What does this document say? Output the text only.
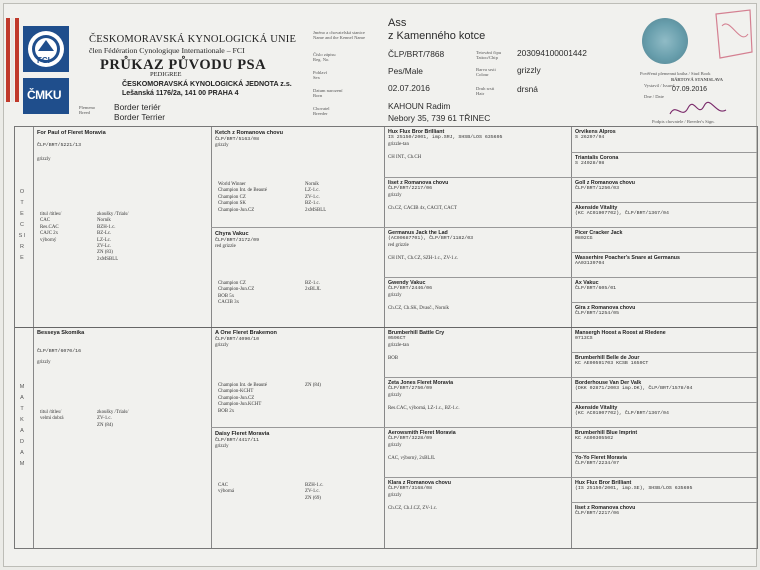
FCI
ČMKU
ČESKOMORAVSKÁ KYNOLOGICKÁ UNIE
člen Fédération Cynologique Internationale – FCI
PRŮKAZ PŮVODU PSA
PEDIGREE
ČESKOMORAVSKÁ KYNOLOGICKÁ JEDNOTA z.s.
Lešanská 1176/2a, 141 00 PRAHA 4
Plemeno
Breed
Border teriér
Border Terrier
Jméno a chovatelská stanice
Name and the Kennel Name
Číslo zápisu
Reg. No.
Pohlaví
Sex
Datum narození
Born
Chovatel
Breeder
Ass
z Kamenného kotce
ČLP/BRT/7868
Pes/Male
02.07.2016
KAHOUN Radim
Nebory 35, 739 61 TŘINEC
Tetování čipu
Tattoo/Chip
Barva srsti
Colour
Druh srsti
Hair
203094100001442
grizzly
drsná
Pověřená plemenná kniha / Stud Book
BÁRTOVÁ STANISLAVA
Vystavil / Issued
Dne / Date
07.09.2016
Podpis chovatele / Breeder's Sign.
O T E C S I R E
M A T K A D A M
For Paul of Fleret Moravia
ČLP/BRT/5221/13
grizzly
titul /titles/
CAC
Res.CAC
CAJC 2x
výborný
zkoušky /Trials/
Norník
BZH-1.c.
BZ-Lc.
LZ-Lc.
ZV-Lc.
ZN (83)
2xMSBLL
Besseya Skomika
ČLP/BRT/6070/16
grizzly
titul /titles/
velmi dobrá
zkoušky /Trials/
ZV-1.c.
ZN (84)
Ketch z Romanova chovu
ČLP/BRT/5163/08
grizzly
World Winner
Champion Int. de Beauté
Champion CZ
Champion SK
Champion-Jun.CZ
Norník
LZ-1.c.
ZV-1.c.
BZ-1.c.
2xMSBLL
Chyra Vakuc
ČLP/BRT/3172/09
red grizzle
Champion CZ
Champion-Jun.CZ
BOB 5x
CACIB 3x
BZ-1.c.
2xBLJL
A One Fleret Brakemon
ČLP/BRT/4090/10
grizzly
Champion Int. de Beauté
Champion-KCHT
Champion-Jun.CZ
Champion-Jun.KCHT
BOB 2x
ZN (84)
Daisy Fleret Moravia
ČLP/BRT/4417/11
grizzly
CAC
výborná
BZH-1.c.
ZV-1.c.
ZN (69)
Hux Flux Bror Brilliant
IS 25150/2001, imp.SRJ, SHSB/LOS 635695
grizzle-tan
CH INT., Ch.CH
Iiset z Romanova chovu
ČLP/BRT/2217/06
grizzly
Ch.CZ, CACIB 4x, CACIT, CACT
Germanus Jack the Lad
(AC00687701), ČLP/BRT/1182/03
red grizzle
CH INT., Ch.CZ, SZH-1.c., ZV-1.c.
Gwendy Vakuc
ČLP/BRT/2446/06
grizzly
Ch.CZ, Ch.SK, Dvasč., Norník
Brumberhill Battle Cry
0596CT
grizzle-tan
BOB
Zeta Jones Fleret Moravia
ČLP/BRT/2750/09
grizzly
Res.CAC, výborná, LZ-1.c., BZ-1.c.
Aerowsmith Fleret Moravia
ČLP/BRT/3228/09
grizzly
CAC, výborný, 2xBLJL
Klara z Romanova chovu
ČLP/BRT/3168/08
grizzly
Ch.CZ, Ch.J.CZ, ZV-1.c.
Örvikens Alpros
S 26297/94
Triantalis Corona
S 24028/98
Goll z Romanova chovu
ČLP/BRT/1250/03
Akenside Vitality
(KC AC01907702), ČLP/BRT/1367/04
Picer Cracker Jack
0802CG
Wasserhire Poacher's Snare at Germanus
AA03139704
Ax Vakuc
ČLP/BRT/605/01
Gira z Romanova chovu
ČLP/BRT/1254/05
Mansergh Hoost a Roost at Rledene
0713CS
Brumberhill Belle de Jour
KC AE00591703 KCSB 1659CT
Borderhouse Van Der Valk
(DKK 02871/2003 imp.DK), ČLP/BRT/1578/04
Akenside Vitality
(KC AC01907702), ČLP/BRT/1367/04
Brumberhill Blue Imprint
KC AG00305502
Yo-Yo Fleret Moravia
ČLP/BRT/2234/07
Hux Flux Bror Brilliant
(IS 25150/2001, imp.SE), SHSB/LOS 635695
Iiset z Romanova chovu
ČLP/BRT/2217/06
